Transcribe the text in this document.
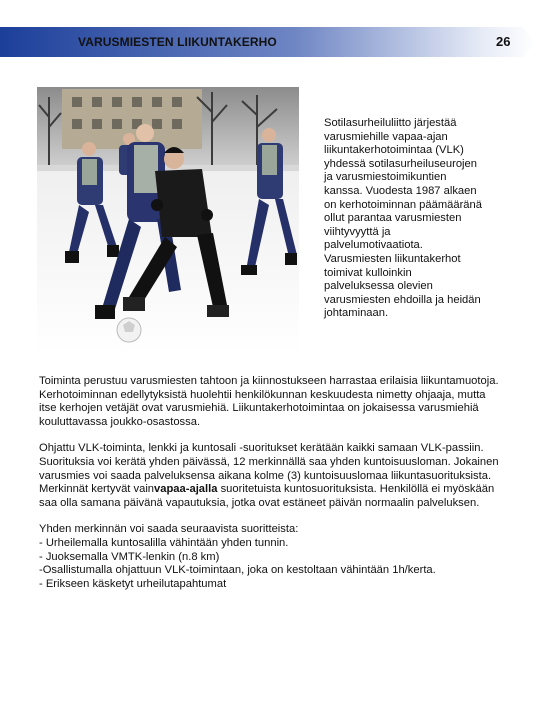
VARUSMIESTEN LIIKUNTAKERHO	26

Sotilasurheiluliitto järjestää varusmiehille vapaa-ajan liikuntakerhotoimintaa (VLK) yhdessä sotilasurheiluseurojen ja varusmiestoimikuntien kanssa. Vuodesta 1987 alkaen on kerhotoiminnan päämääränä ollut parantaa varusmiesten viihtyvyyttä ja palvelumotivaatiota. Varusmiesten liikuntakerhot toimivat kulloinkin palveluksessa olevien varusmiesten ehdoilla ja heidän johtaminaan.

Toiminta perustuu varusmiesten tahtoon ja kiinnostukseen harrastaa erilaisia liikuntamuotoja. Kerhotoiminnan edellytyksistä huolehtii henkilökunnan keskuudesta nimetty ohjaaja, mutta itse kerhojen vetäjät ovat varusmiehiä. Liikuntakerhotoimintaa on jokaisessa varusmiehiä kouluttavassa joukko-osastossa.

Ohjattu VLK-toiminta, lenkki ja kuntosali -suoritukset kerätään kaikki samaan VLK-passiin. Suorituksia voi kerätä yhden päivässä, 12 merkinnällä saa yhden kuntoisuusloman. Jokainen varusmies voi saada palveluksensa aikana kolme (3) kuntoisuuslomaa liikuntasuorituksista. Merkinnät kertyvät vainvapaa-ajalla suoritetuista kuntosuorituksista. Henkilöllä ei myöskään saa olla samana päivänä vapautuksia, jotka ovat estäneet päivän normaalin palveluksen.

Yhden merkinnän voi saada seuraavista suoritteista:
- Urheilemalla kuntosalilla vähintään yhden tunnin.
- Juoksemalla VMTK-lenkin (n.8 km)
-Osallistumalla ohjattuun VLK-toimintaan, joka on kestoltaan vähintään 1h/kerta.
- Erikseen käsketyt urheilutapahtumat
